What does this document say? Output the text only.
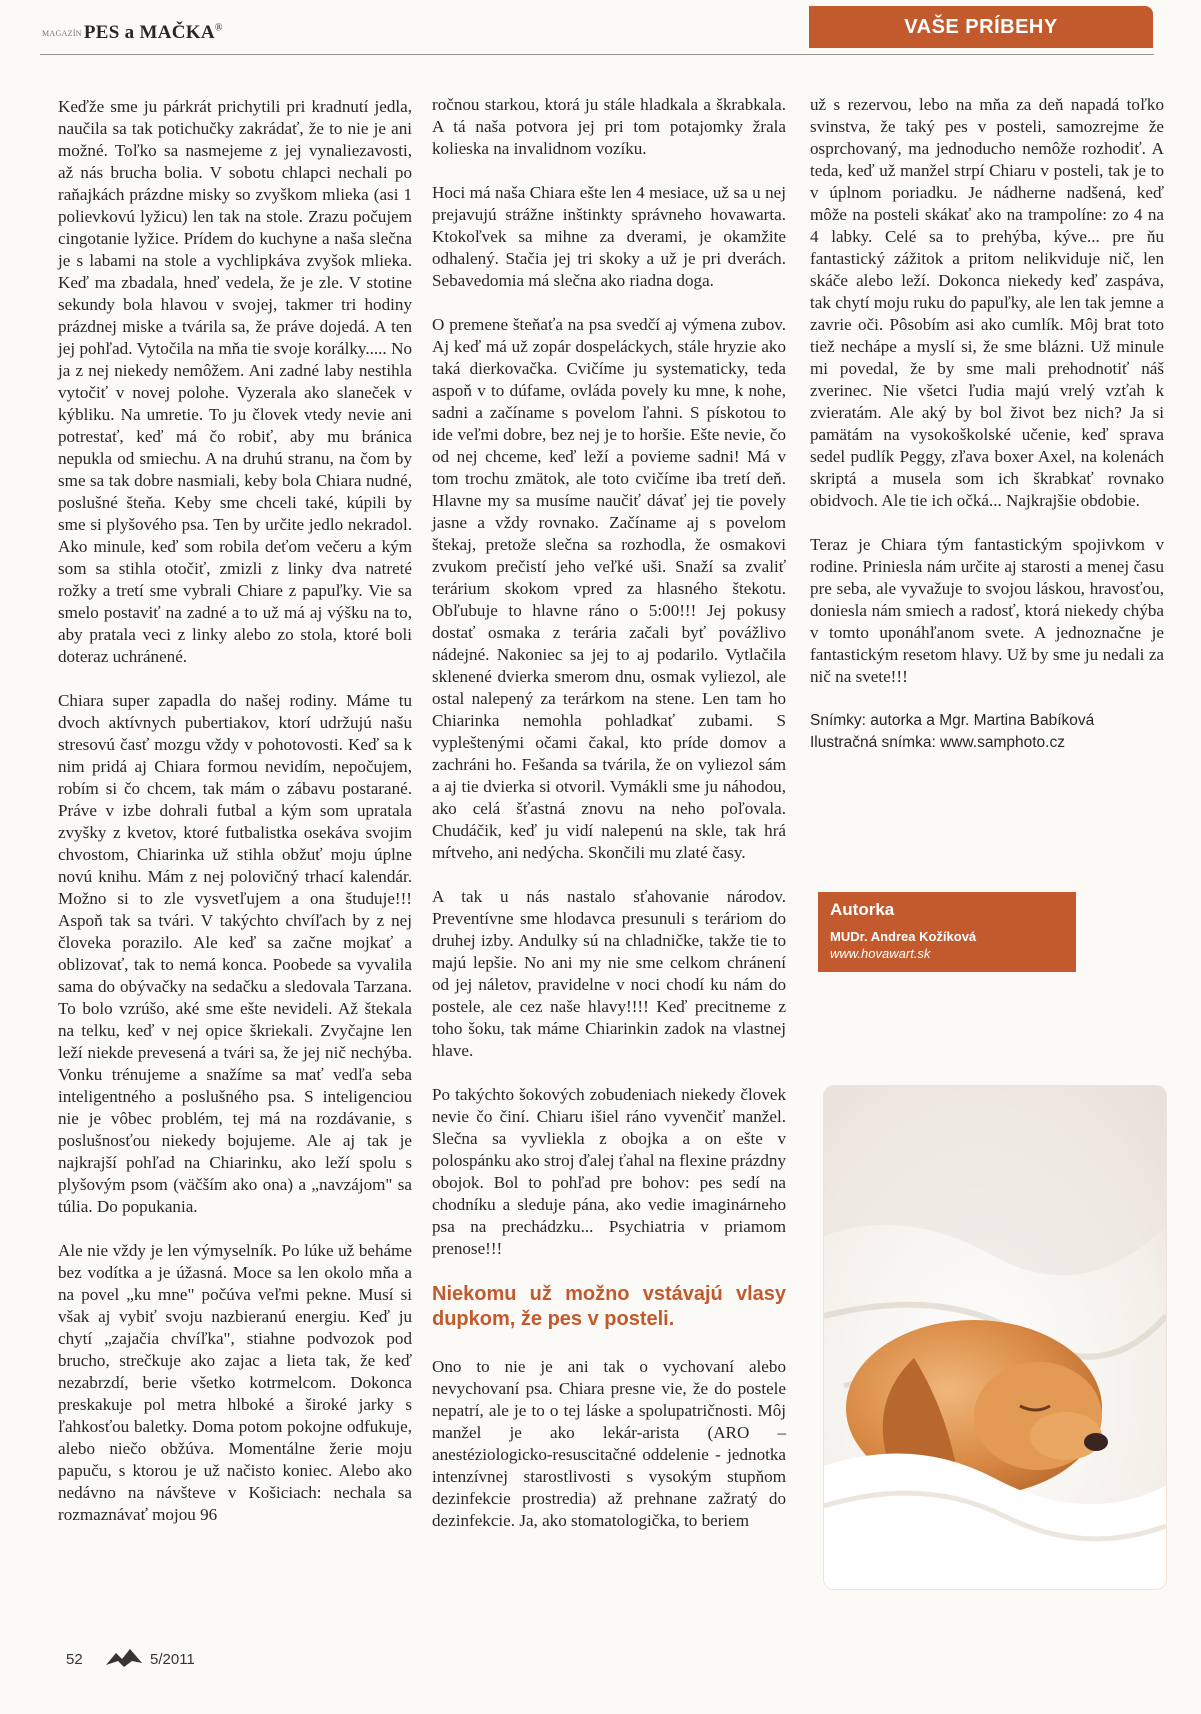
MAGAZÍN PES a MAČKA®	VAŠE PRÍBEHY

Keďže sme ju párkrát prichytili pri kradnutí jedla, naučila sa tak potichučky zakrádať, že to nie je ani možné. Toľko sa nasmejeme z jej vynaliezavosti, až nás brucha bolia. V sobotu chlapci nechali po raňajkách prázdne misky so zvyškom mlieka (asi 1 polievkovú lyžicu) len tak na stole. Zrazu počujem cingotanie lyžice. Prídem do kuchyne a naša slečna je s labami na stole a vychlipkáva zvyšok mlieka. Keď ma zbadala, hneď vedela, že je zle. V stotine sekundy bola hlavou v svojej, takmer tri hodiny prázdnej miske a tvárila sa, že práve dojedá. A ten jej pohľad. Vytočila na mňa tie svoje korálky..... No ja z nej niekedy nemôžem. Ani zadné laby nestihla vytočiť v novej polohe. Vyzerala ako slaneček v kýbliku. Na umretie. To ju človek vtedy nevie ani potrestať, keď má čo robiť, aby mu bránica nepukla od smiechu. A na druhú stranu, na čom by sme sa tak dobre nasmiali, keby bola Chiara nudné, poslušné šteňa. Keby sme chceli také, kúpili by sme si plyšového psa. Ten by určite jedlo nekradol. Ako minule, keď som robila deťom večeru a kým som sa stihla otočiť, zmizli z linky dva natreté rožky a tretí sme vybrali Chiare z papuľky. Vie sa smelo postaviť na zadné a to už má aj výšku na to, aby pratala veci z linky alebo zo stola, ktoré boli doteraz uchránené.

Chiara super zapadla do našej rodiny. Máme tu dvoch aktívnych pubertiakov, ktorí udržujú našu stresovú časť mozgu vždy v pohotovosti. Keď sa k nim pridá aj Chiara formou nevidím, nepočujem, robím si čo chcem, tak mám o zábavu postarané. Práve v izbe dohrali futbal a kým som upratala zvyšky z kvetov, ktoré futbalistka osekáva svojim chvostom, Chiarinka už stihla obžuť moju úplne novú knihu. Mám z nej polovičný trhací kalendár. Možno si to zle vysvetľujem a ona študuje!!! Aspoň tak sa tvári. V takýchto chvíľach by z nej človeka porazilo. Ale keď sa začne mojkať a oblizovať, tak to nemá konca. Poobede sa vyvalila sama do obývačky na sedačku a sledovala Tarzana. To bolo vzrúšo, aké sme ešte nevideli. Až štekala na telku, keď v nej opice škriekali. Zvyčajne len leží niekde prevesená a tvári sa, že jej nič nechýba. Vonku trénujeme a snažíme sa mať vedľa seba inteligentného a poslušného psa. S inteligenciou nie je vôbec problém, tej má na rozdávanie, s poslušnosťou niekedy bojujeme. Ale aj tak je najkrajší pohľad na Chiarinku, ako leží spolu s plyšovým psom (väčším ako ona) a „navzájom" sa túlia. Do popukania.

Ale nie vždy je len výmyselník. Po lúke už beháme bez vodítka a je úžasná. Moce sa len okolo mňa a na povel „ku mne" počúva veľmi pekne. Musí si však aj vybiť svoju nazbieranú energiu. Keď ju chytí „zajačia chvíľka", stiahne podvozok pod brucho, strečkuje ako zajac a lieta tak, že keď nezabrzdí, berie všetko kotrmelcom. Dokonca preskakuje pol metra hlboké a široké jarky s ľahkosťou baletky. Doma potom pokojne odfukuje, alebo niečo obžúva. Momentálne žerie moju papuču, s ktorou je už načisto koniec. Alebo ako nedávno na návšteve v Košiciach: nechala sa rozmaznávať mojou 96

ročnou starkou, ktorá ju stále hladkala a škrabkala. A tá naša potvora jej pri tom potajomky žrala kolieska na invalidnom vozíku.

Hoci má naša Chiara ešte len 4 mesiace, už sa u nej prejavujú strážne inštinkty správneho hovawarta. Ktokoľvek sa mihne za dverami, je okamžite odhalený. Stačia jej tri skoky a už je pri dverách. Sebavedomia má slečna ako riadna doga.

O premene šteňaťa na psa svedčí aj výmena zubov. Aj keď má už zopár dospeláckych, stále hryzie ako taká dierkovačka. Cvičíme ju systematicky, teda aspoň v to dúfame, ovláda povely ku mne, k nohe, sadni a začíname s povelom ľahni. S pískotou to ide veľmi dobre, bez nej je to horšie. Ešte nevie, čo od nej chceme, keď leží a povieme sadni! Má v tom trochu zmätok, ale toto cvičíme iba tretí deň. Hlavne my sa musíme naučiť dávať jej tie povely jasne a vždy rovnako. Začíname aj s povelom štekaj, pretože slečna sa rozhodla, že osmakovi zvukom prečistí jeho veľké uši. Snaží sa zvaliť terárium skokom vpred za hlasného štekotu. Obľubuje to hlavne ráno o 5:00!!! Jej pokusy dostať osmaka z terária začali byť povážlivo nádejné. Nakoniec sa jej to aj podarilo. Vytlačila sklenené dvierka smerom dnu, osmak vyliezol, ale ostal nalepený za terárkom na stene. Len tam ho Chiarinka nemohla pohladkať zubami. S vypleštenými očami čakal, kto príde domov a zachráni ho. Fešanda sa tvárila, že on vyliezol sám a aj tie dvierka si otvoril. Vymákli sme ju náhodou, ako celá šťastná znovu na neho poľovala. Chudáčik, keď ju vidí nalepenú na skle, tak hrá mŕtveho, ani nedýcha. Skončili mu zlaté časy.

A tak u nás nastalo sťahovanie národov. Preventívne sme hlodavca presunuli s teráriom do druhej izby. Andulky sú na chladničke, takže tie to majú lepšie. No ani my nie sme celkom chránení od jej náletov, pravidelne v noci chodí ku nám do postele, ale cez naše hlavy!!!! Keď precitneme z toho šoku, tak máme Chiarinkin zadok na vlastnej hlave.

Po takýchto šokových zobudeniach niekedy človek nevie čo činí. Chiaru išiel ráno vyvenčiť manžel. Slečna sa vyvliekla z obojka a on ešte v polospánku ako stroj ďalej ťahal na flexine prázdny obojok. Bol to pohľad pre bohov: pes sedí na chodníku a sleduje pána, ako vedie imaginárneho psa na prechádzku... Psychiatria v priamom prenose!!!

Niekomu už možno vstávajú vlasy dupkom, že pes v posteli.

Ono to nie je ani tak o vychovaní alebo nevychovaní psa. Chiara presne vie, že do postele nepatrí, ale je to o tej láske a spolupatričnosti. Môj manžel je ako lekár-arista (ARO – anestéziologicko-resuscitačné oddelenie - jednotka intenzívnej starostlivosti s vysokým stupňom dezinfekcie prostredia) až prehnane zažratý do dezinfekcie. Ja, ako stomatologička, to beriem

už s rezervou, lebo na mňa za deň napadá toľko svinstva, že taký pes v posteli, samozrejme že osprchovaný, ma jednoducho nemôže rozhodiť. A teda, keď už manžel strpí Chiaru v posteli, tak je to v úplnom poriadku. Je nádherne nadšená, keď môže na posteli skákať ako na trampolíne: zo 4 na 4 labky. Celé sa to prehýba, kýve... pre ňu fantastický zážitok a pritom nelikviduje nič, len skáče alebo leží. Dokonca niekedy keď zaspáva, tak chytí moju ruku do papuľky, ale len tak jemne a zavrie oči. Pôsobím asi ako cumlík. Môj brat toto tiež nechápe a myslí si, že sme blázni. Už minule mi povedal, že by sme mali prehodnotiť náš zverinec. Nie všetci ľudia majú vrelý vzťah k zvieratám. Ale aký by bol život bez nich? Ja si pamätám na vysokoškolské učenie, keď sprava sedel pudlík Peggy, zľava boxer Axel, na kolenách skriptá a musela som ich škrabkať rovnako obidvoch. Ale tie ich očká... Najkrajšie obdobie.

Teraz je Chiara tým fantastickým spojivkom v rodine. Priniesla nám určite aj starosti a menej času pre seba, ale vyvažuje to svojou láskou, hravosťou, doniesla nám smiech a radosť, ktorá niekedy chýba v tomto uponáhľanom svete. A jednoznačne je fantastickým resetom hlavy. Už by sme ju nedali za nič na svete!!!

Snímky: autorka a Mgr. Martina Babíková
Ilustračná snímka: www.samphoto.cz
Autorka
MUDr. Andrea Kožíková
www.hovawart.sk
52	5/2011
